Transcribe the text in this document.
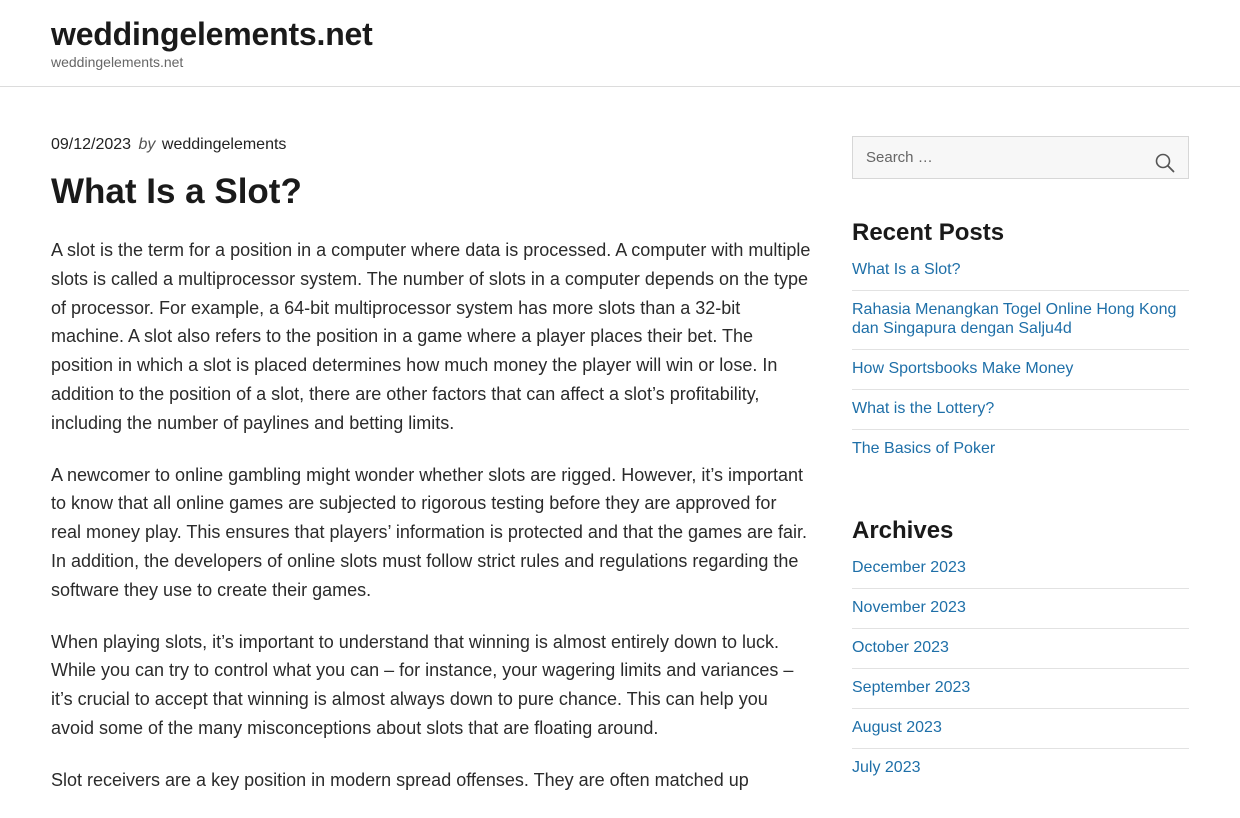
weddingelements.net
weddingelements.net
09/12/2023 by weddingelements
What Is a Slot?

A slot is the term for a position in a computer where data is processed. A computer with multiple slots is called a multiprocessor system. The number of slots in a computer depends on the type of processor. For example, a 64-bit multiprocessor system has more slots than a 32-bit machine. A slot also refers to the position in a game where a player places their bet. The position in which a slot is placed determines how much money the player will win or lose. In addition to the position of a slot, there are other factors that can affect a slot’s profitability, including the number of paylines and betting limits.

A newcomer to online gambling might wonder whether slots are rigged. However, it’s important to know that all online games are subjected to rigorous testing before they are approved for real money play. This ensures that players’ information is protected and that the games are fair. In addition, the developers of online slots must follow strict rules and regulations regarding the software they use to create their games.

When playing slots, it’s important to understand that winning is almost entirely down to luck. While you can try to control what you can – for instance, your wagering limits and variances – it’s crucial to accept that winning is almost always down to pure chance. This can help you avoid some of the many misconceptions about slots that are floating around.

Slot receivers are a key position in modern spread offenses. They are often matched up

Search …
Recent Posts
What Is a Slot?
Rahasia Menangkan Togel Online Hong Kong dan Singapura dengan Salju4d
How Sportsbooks Make Money
What is the Lottery?
The Basics of Poker
Archives
December 2023
November 2023
October 2023
September 2023
August 2023
July 2023
